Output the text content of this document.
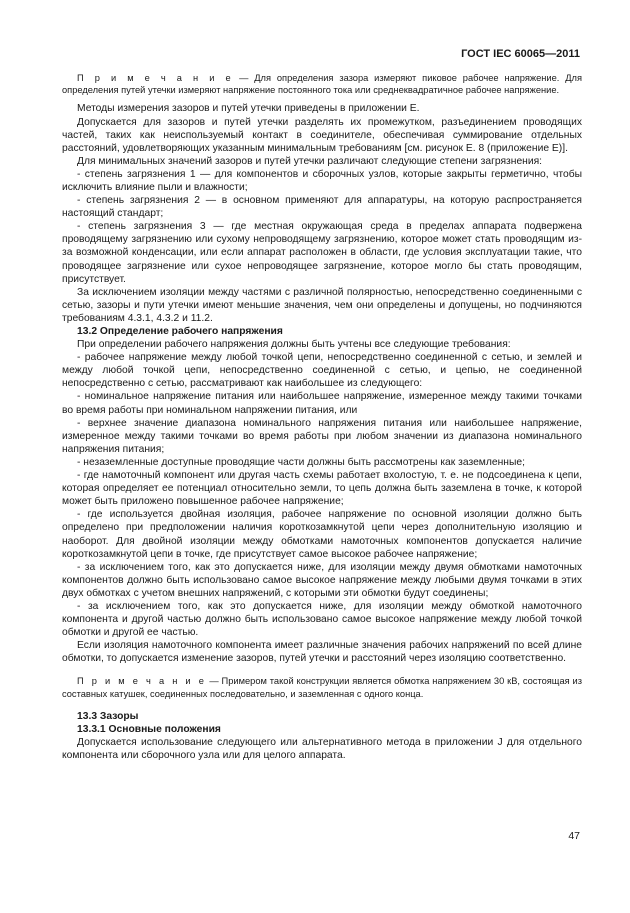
ГОСТ IEC 60065—2011

П р и м е ч а н и е — Для определения зазора измеряют пиковое рабочее напряжение. Для определения путей утечки измеряют напряжение постоянного тока или среднеквадратичное рабочее напряжение.

Методы измерения зазоров и путей утечки приведены в приложении Е.

Допускается для зазоров и путей утечки разделять их промежутком, разъединением проводящих частей, таких как неиспользуемый контакт в соединителе, обеспечивая суммирование отдельных расстояний, удовлетворяющих указанным минимальным требованиям [см. рисунок Е. 8 (приложение Е)].

Для минимальных значений зазоров и путей утечки различают следующие степени загрязнения:

- степень загрязнения 1 — для компонентов и сборочных узлов, которые закрыты герметично, чтобы исключить влияние пыли и влажности;

- степень загрязнения 2 — в основном применяют для аппаратуры, на которую распространяется настоящий стандарт;

- степень загрязнения 3 — где местная окружающая среда в пределах аппарата подвержена проводящему загрязнению или сухому непроводящему загрязнению, которое может стать проводящим из-за возможной конденсации, или если аппарат расположен в области, где условия эксплуатации такие, что проводящее загрязнение или сухое непроводящее загрязнение, которое могло бы стать проводящим, присутствует.

За исключением изоляции между частями с различной полярностью, непосредственно соединенными с сетью, зазоры и пути утечки имеют меньшие значения, чем они определены и допущены, но подчиняются требованиям 4.3.1, 4.3.2 и 11.2.

13.2 Определение рабочего напряжения

При определении рабочего напряжения должны быть учтены все следующие требования:

- рабочее напряжение между любой точкой цепи, непосредственно соединенной с сетью, и землей и между любой точкой цепи, непосредственно соединенной с сетью, и цепью, не соединенной непосредственно с сетью, рассматривают как наибольшее из следующего:

- номинальное напряжение питания или наибольшее напряжение, измеренное между такими точками во время работы при номинальном напряжении питания, или

- верхнее значение диапазона номинального напряжения питания или наибольшее напряжение, измеренное между такими точками во время работы при любом значении из диапазона номинального напряжения питания;

- незаземленные доступные проводящие части должны быть рассмотрены как заземленные;

- где намоточный компонент или другая часть схемы работает вхолостую, т. е. не подсоединена к цепи, которая определяет ее потенциал относительно земли, то цепь должна быть заземлена в точке, к которой может быть приложено повышенное рабочее напряжение;

- где используется двойная изоляция, рабочее напряжение по основной изоляции должно быть определено при предположении наличия короткозамкнутой цепи через дополнительную изоляцию и наоборот. Для двойной изоляции между обмотками намоточных компонентов допускается наличие короткозамкнутой цепи в точке, где присутствует самое высокое рабочее напряжение;

- за исключением того, как это допускается ниже, для изоляции между двумя обмотками намоточных компонентов должно быть использовано самое высокое напряжение между любыми двумя точками в этих двух обмотках с учетом внешних напряжений, с которыми эти обмотки будут соединены;

- за исключением того, как это допускается ниже, для изоляции между обмоткой намоточного компонента и другой частью должно быть использовано самое высокое напряжение между любой точкой обмотки и другой ее частью.

Если изоляция намоточного компонента имеет различные значения рабочих напряжений по всей длине обмотки, то допускается изменение зазоров, путей утечки и расстояний через изоляцию соответственно.

П р и м е ч а н и е — Примером такой конструкции является обмотка напряжением 30 кВ, состоящая из составных катушек, соединенных последовательно, и заземленная с одного конца.

13.3 Зазоры

13.3.1 Основные положения

Допускается использование следующего или альтернативного метода в приложении J для отдельного компонента или сборочного узла или для целого аппарата.

47
